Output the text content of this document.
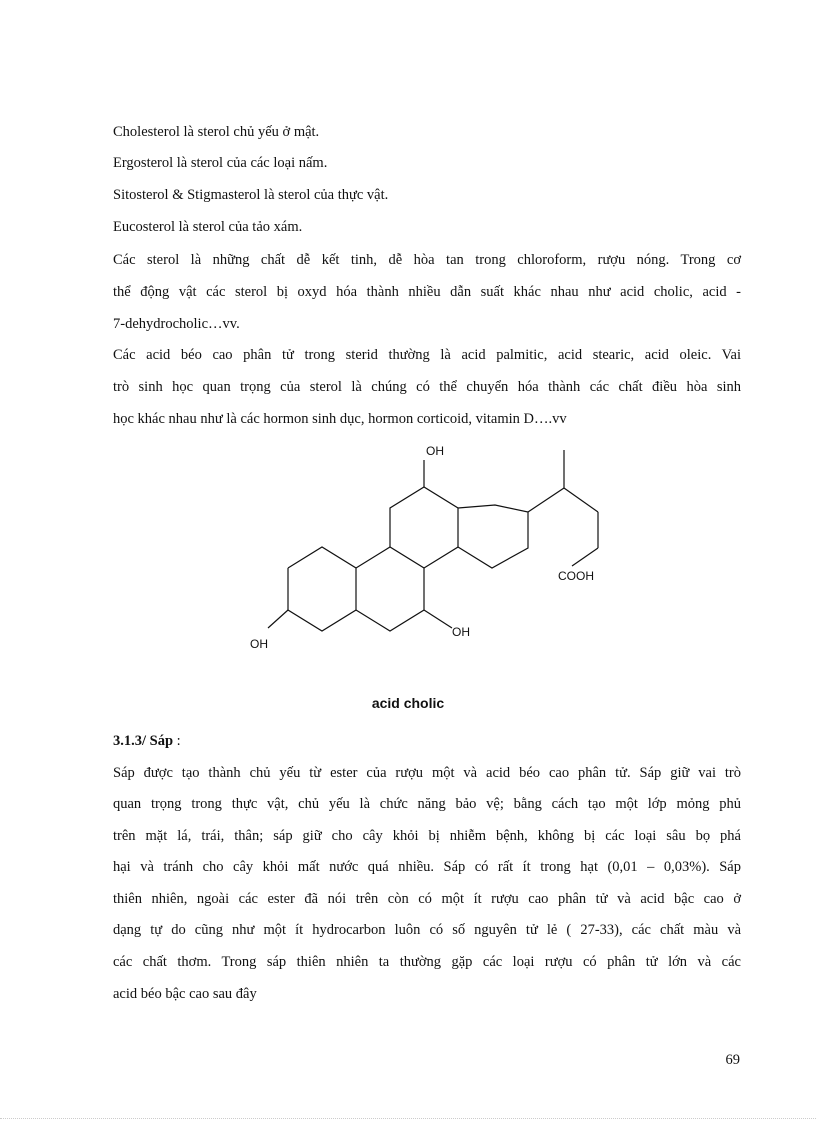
Cholesterol là sterol chủ yếu ở mật.
Ergosterol là sterol của các loại nấm.
Sitosterol & Stigmasterol là sterol của thực vật.
Eucosterol là sterol của tảo xám.
Các sterol là những chất dễ kết tinh, dễ hòa tan trong chloroform, rượu nóng. Trong cơ
thể động vật các sterol bị oxyd hóa thành nhiều dẫn suất khác nhau như acid cholic, acid -
7-dehydrocholic…vv.
Các acid béo cao phân tử trong sterid thường là acid palmitic, acid stearic, acid oleic. Vai
trò sinh học quan trọng của sterol là chúng có thể chuyển hóa thành các chất điều hòa sinh
học khác nhau như là các hormon sinh dục, hormon corticoid, vitamin D….vv
OH
OH
OH
COOH
acid cholic
3.1.3/ Sáp :
Sáp được tạo thành chủ yếu từ ester của rượu một và acid béo cao phân tử. Sáp giữ vai trò
quan trọng trong thực vật, chủ yếu là chức năng bảo vệ; bằng cách tạo một lớp mỏng phủ
trên mặt lá, trái, thân; sáp giữ cho cây khỏi bị nhiễm bệnh, không bị các loại sâu bọ phá
hại và tránh cho cây khỏi mất nước quá nhiều. Sáp có rất ít trong hạt (0,01 – 0,03%). Sáp
thiên nhiên, ngoài các ester đã nói trên còn có một ít rượu cao phân tử và acid bậc cao ở
dạng tự do cũng như một ít hydrocarbon luôn có số nguyên tử lẻ ( 27-33), các chất màu và
các chất thơm. Trong sáp thiên nhiên ta thường gặp các loại rượu có phân tử lớn và các
acid béo bậc cao sau đây
69
